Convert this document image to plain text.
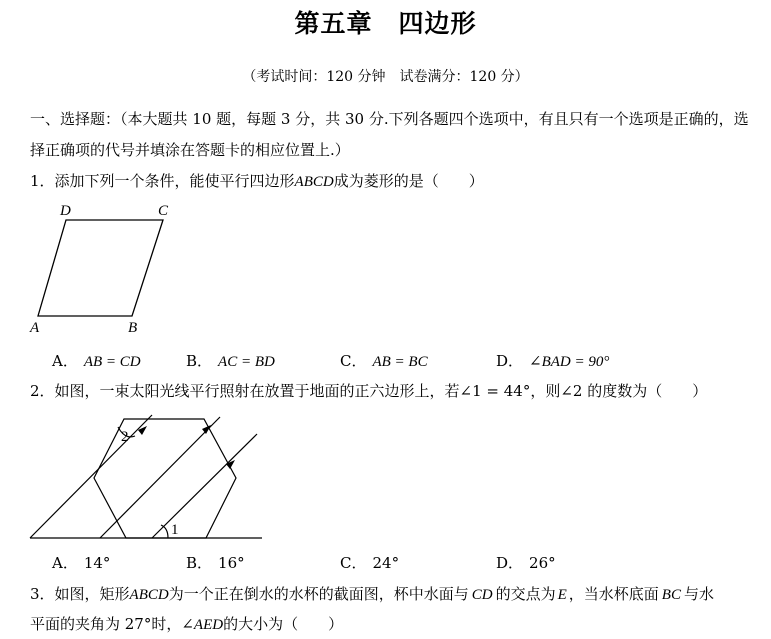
第五章　四边形
（考试时间：120 分钟　试卷满分：120 分）
一、选择题：（本大题共 10 题，每题 3 分，共 30 分.下列各题四个选项中，有且只有一个选项是正确的，选
择正确项的代号并填涂在答题卡的相应位置上.）
1．添加下列一个条件，能使平行四边形ABCD成为菱形的是（　　）
D	C
A	B
2
1
A． AB = CD	B． AC = BD	C． AB = BC	D． ∠BAD = 90°
2．如图，一束太阳光线平行照射在放置于地面的正六边形上，若∠1 = 44°，则∠2 的度数为（　　）
A． 14°	B． 16°	C． 24°	D． 26°
3．如图，矩形ABCD为一个正在倒水的水杯的截面图，杯中水面与 CD 的交点为 E ，当水杯底面 BC 与水
平面的夹角为 27°时，∠AED的大小为（　　）
